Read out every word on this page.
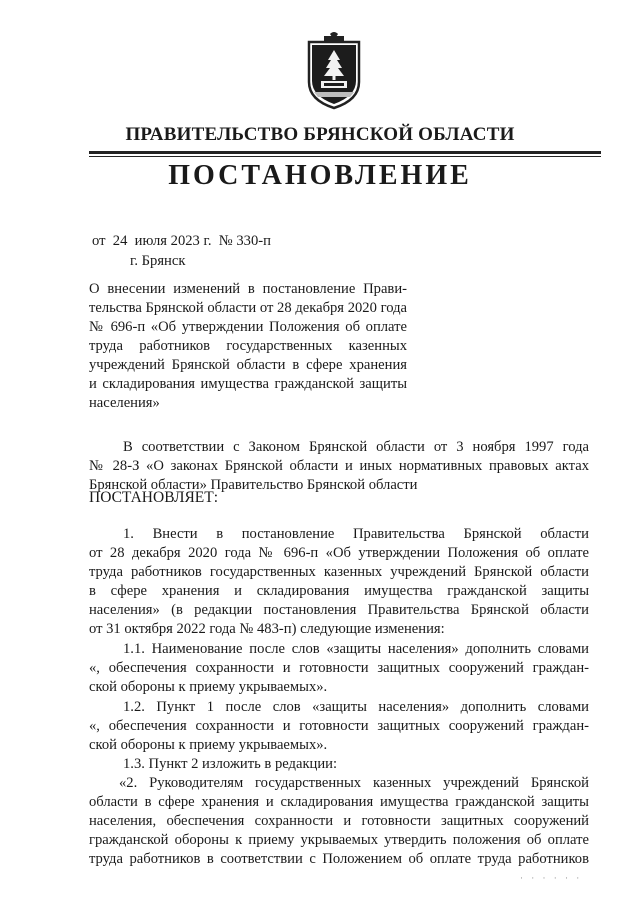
ПРАВИТЕЛЬСТВО БРЯНСКОЙ ОБЛАСТИ
ПОСТАНОВЛЕНИЕ
от  24  июля 2023 г.  № 330-п
г. Брянск
О внесении изменений в постановление Прави-
тельства Брянской области от 28 декабря 2020 года
№ 696-п «Об утверждении Положения об оплате
труда работников государственных казенных
учреждений Брянской области в сфере хранения
и складирования имущества гражданской защиты
населения»
В соответствии с Законом Брянской области от 3 ноября 1997 года
№ 28-З «О законах Брянской области и иных нормативных правовых актах
Брянской области» Правительство Брянской области
ПОСТАНОВЛЯЕТ:
1. Внести в постановление Правительства Брянской области
от 28 декабря 2020 года № 696-п «Об утверждении Положения об оплате
труда работников государственных казенных учреждений Брянской области
в сфере хранения и складирования имущества гражданской защиты
населения» (в редакции постановления Правительства Брянской области
от 31 октября 2022 года № 483-п) следующие изменения:
1.1. Наименование после слов «защиты населения» дополнить словами
«, обеспечения сохранности и готовности защитных сооружений граждан-
ской обороны к приему укрываемых».
1.2. Пункт 1 после слов «защиты населения» дополнить словами
«, обеспечения сохранности и готовности защитных сооружений граждан-
ской обороны к приему укрываемых».
1.3. Пункт 2 изложить в редакции:
«2. Руководителям государственных казенных учреждений Брянской
области в сфере хранения и складирования имущества гражданской защиты
населения, обеспечения сохранности и готовности защитных сооружений
гражданской обороны к приему укрываемых утвердить положения об оплате
труда работников в соответствии с Положением об оплате труда работников
· · · · · ·
